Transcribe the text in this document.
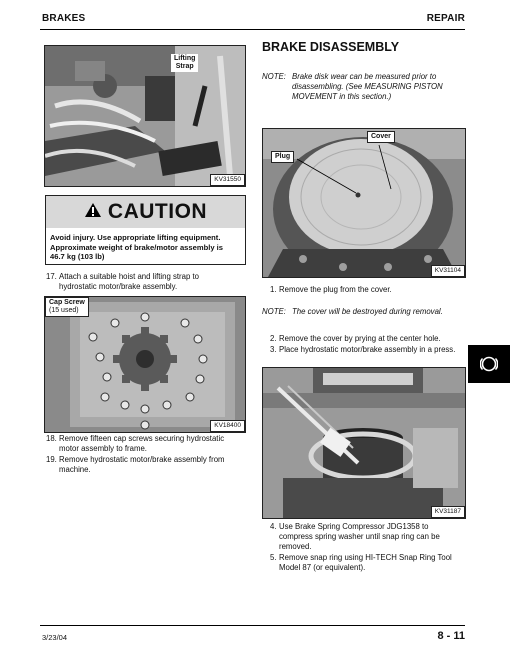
BRAKES	REPAIR
Lifting
Strap
KV31550
CAUTION
Avoid injury. Use appropriate lifting equipment.
Approximate weight of brake/motor assembly is
46.7 kg (103 lb)
17. Attach a suitable hoist and lifting strap to
hydrostatic motor/brake assembly.
Cap Screw
(15 used)
KV18400
18. Remove fifteen cap screws securing hydrostatic
motor assembly to frame.
19. Remove hydrostatic motor/brake assembly from
machine.
BRAKE DISASSEMBLY
NOTE: Brake disk wear can be measured prior to
disassembling. (See MEASURING PISTON
MOVEMENT in this section.)
Cover
Plug
KV31104
1. Remove the plug from the cover.
NOTE: The cover will be destroyed during removal.
2. Remove the cover by prying at the center hole.
3. Place hydrostatic motor/brake assembly in a press.
KV31187
4. Use Brake Spring Compressor JDG1358 to
compress spring washer until snap ring can be
removed.
5. Remove snap ring using HI-TECH Snap Ring Tool
Model 87 (or equivalent).
3/23/04	8 - 11
